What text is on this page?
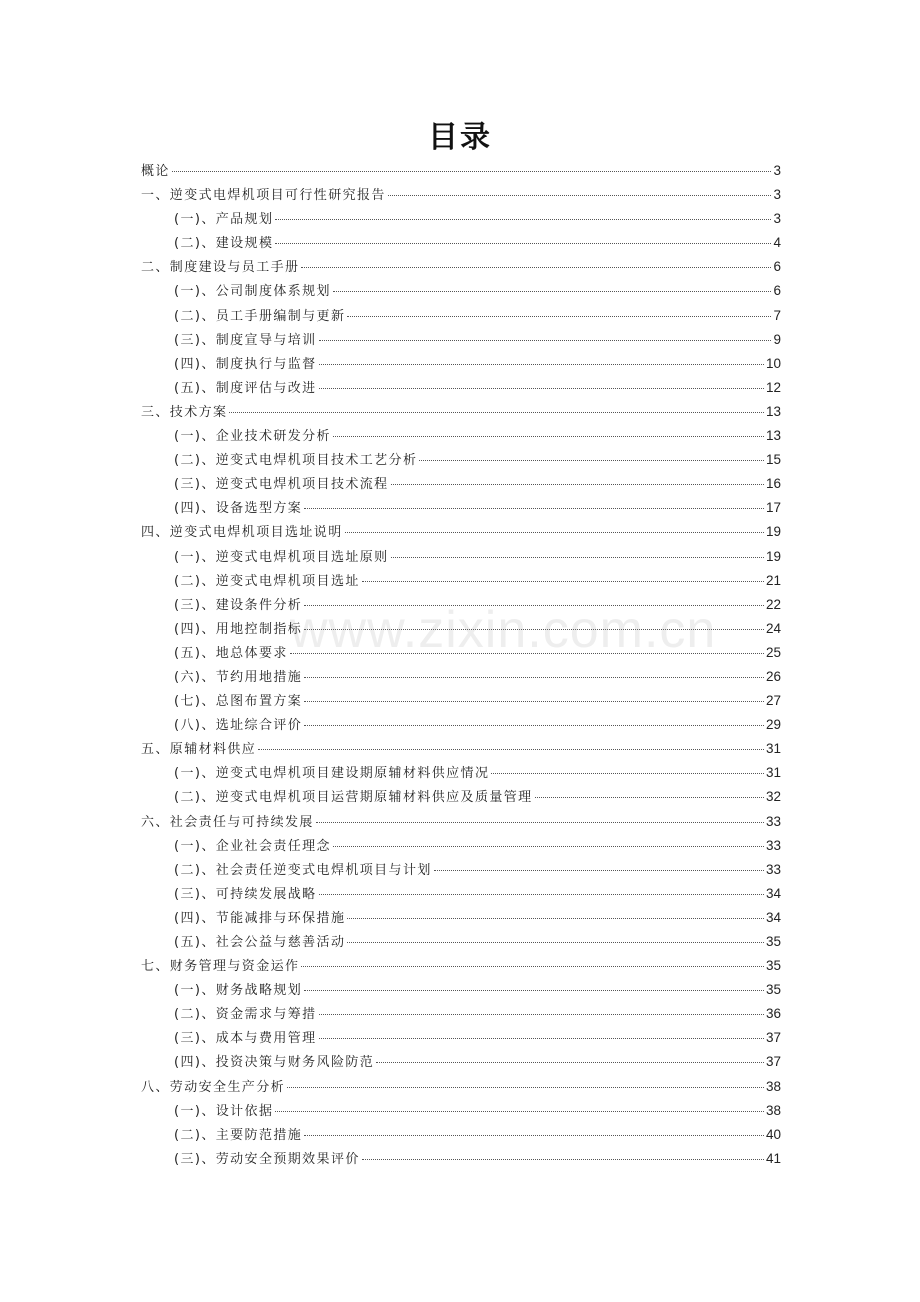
目录
概论	3
一、逆变式电焊机项目可行性研究报告	3
(一)、产品规划	3
(二)、建设规模	4
二、制度建设与员工手册	6
(一)、公司制度体系规划	6
(二)、员工手册编制与更新	7
(三)、制度宣导与培训	9
(四)、制度执行与监督	10
(五)、制度评估与改进	12
三、技术方案	13
(一)、企业技术研发分析	13
(二)、逆变式电焊机项目技术工艺分析	15
(三)、逆变式电焊机项目技术流程	16
(四)、设备选型方案	17
四、逆变式电焊机项目选址说明	19
(一)、逆变式电焊机项目选址原则	19
(二)、逆变式电焊机项目选址	21
(三)、建设条件分析	22
(四)、用地控制指标	24
(五)、地总体要求	25
(六)、节约用地措施	26
(七)、总图布置方案	27
(八)、选址综合评价	29
五、原辅材料供应	31
(一)、逆变式电焊机项目建设期原辅材料供应情况	31
(二)、逆变式电焊机项目运营期原辅材料供应及质量管理	32
六、社会责任与可持续发展	33
(一)、企业社会责任理念	33
(二)、社会责任逆变式电焊机项目与计划	33
(三)、可持续发展战略	34
(四)、节能减排与环保措施	34
(五)、社会公益与慈善活动	35
七、财务管理与资金运作	35
(一)、财务战略规划	35
(二)、资金需求与筹措	36
(三)、成本与费用管理	37
(四)、投资决策与财务风险防范	37
八、劳动安全生产分析	38
(一)、设计依据	38
(二)、主要防范措施	40
(三)、劳动安全预期效果评价	41
www.zixin.com.cn
